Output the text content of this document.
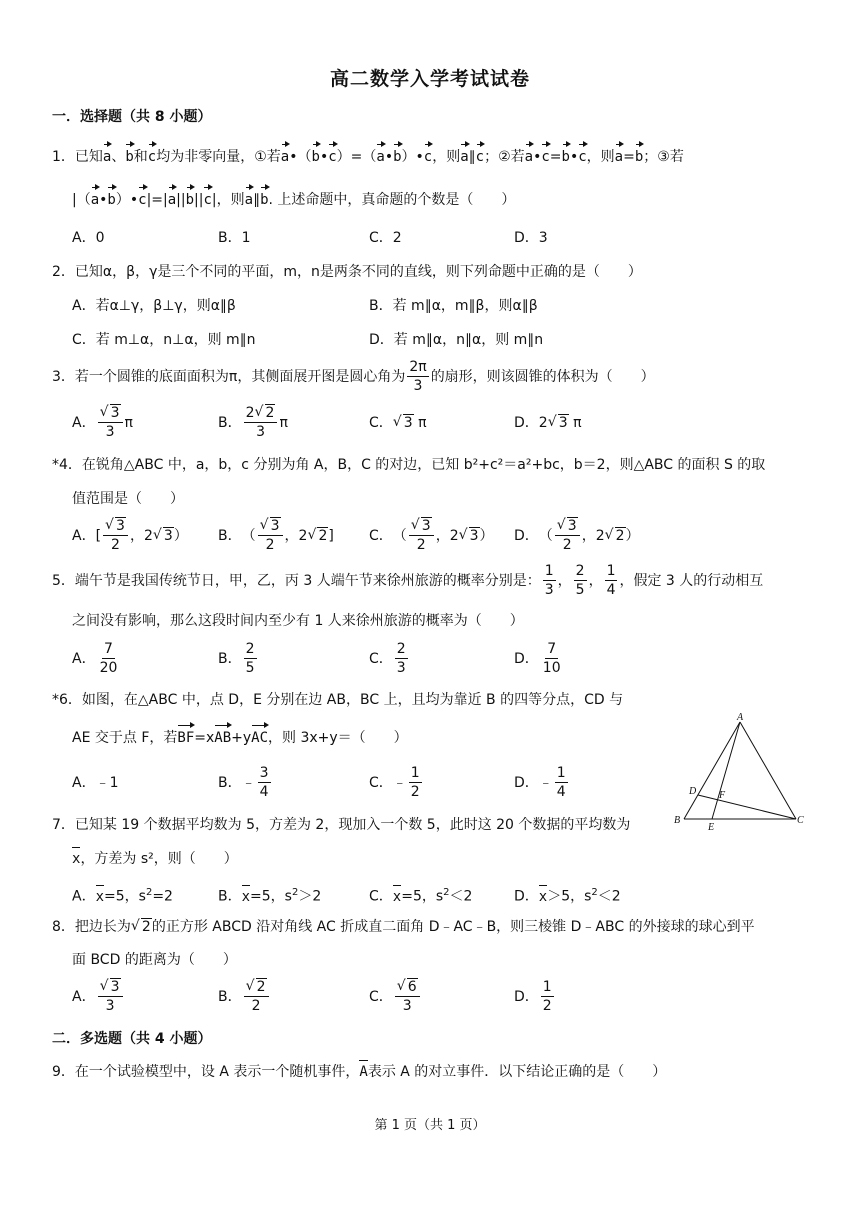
高二数学入学考试试卷
一．选择题（共 8 小题）
1．已知a、b和c均为非零向量，①若a•（b•c）=（a•b）•c，则a∥c；②若a•c=b•c，则a=b；③若
|（a•b）•c|=|a||b||c|，则a∥b. 上述命题中，真命题的个数是（　　）
A．0	B．1	C．2	D．3
2．已知α，β，γ是三个不同的平面，m，n是两条不同的直线，则下列命题中正确的是（　　）
A．若α⊥γ，β⊥γ，则α∥β	B．若 m∥α，m∥β，则α∥β
C．若 m⊥α，n⊥α，则 m∥n	D．若 m∥α，n∥α，则 m∥n
3．若一个圆锥的底面面积为π，其侧面展开图是圆心角为 $\frac{2\pi}{3}$ 的扇形，则该圆锥的体积为（　　）
A． √ $\frac{3}{3}$ π	B． $\frac{2 √ 2}{3}$ π	C． √ 3 π	D．2 √ 3 π
*4．在锐角△ABC 中，a，b，c 分别为角 A，B，C 的对边，已知 b²+c²＝a²+bc，b＝2，则△ABC 的面积 S 的取
值范围是（　　）
A． [ √ $\frac{3}{2}$ ，2 √ 3 ） B． （ √ $\frac{3}{2}$ ，2 √ 2 ]	C． （ √ $\frac{3}{2}$ ，2 √ 3 ） D． （ √ $\frac{3}{2}$ ，2 √ 2 ）
5．端午节是我国传统节日，甲，乙，丙 3 人端午节来徐州旅游的概率分别是： $\frac{1}{3}$ ， $\frac{2}{5}$ ， $\frac{1}{4}$ ，假定 3 人的行动相互
之间没有影响，那么这段时间内至少有 1 人来徐州旅游的概率为（　　）
A． $\frac{7}{20}$	B． $\frac{2}{5}$	C． $\frac{2}{3}$	D． $\frac{7}{10}$
*6．如图，在△ABC 中，点 D，E 分别在边 AB，BC 上，且均为靠近 B 的四等分点，CD 与
AE 交于点 F，若BF=xAB+yAC，则 3x+y＝（　　）
A．﹣1	B． ﹣ $\frac{3}{4}$	C． ﹣ $\frac{1}{2}$	D． ﹣ $\frac{1}{4}$
A
B	C
D
E
F
7．已知某 19 个数据平均数为 5，方差为 2，现加入一个数 5，此时这 20 个数据的平均数为
x，方差为 s²，则（　　）
A．x=5，$s^2=2$	B．x=5，$s^2>2$	C．x=5，$s^2<2$	D．x＞5，$s^2<2$
8．把边长为 √ 2的正方形 ABCD 沿对角线 AC 折成直二面角 D﹣AC﹣B，则三棱锥 D﹣ABC 的外接球的球心到平
面 BCD 的距离为（　　）
A． √ $\frac{3}{3}$	B． √ $\frac{2}{2}$	C． √ $\frac{6}{3}$	D． $\frac{1}{2}$
二．多选题（共 4 小题）
9．在一个试验模型中，设 A 表示一个随机事件，A表示 A 的对立事件．以下结论正确的是（　　）
第 1 页（共 1 页）
